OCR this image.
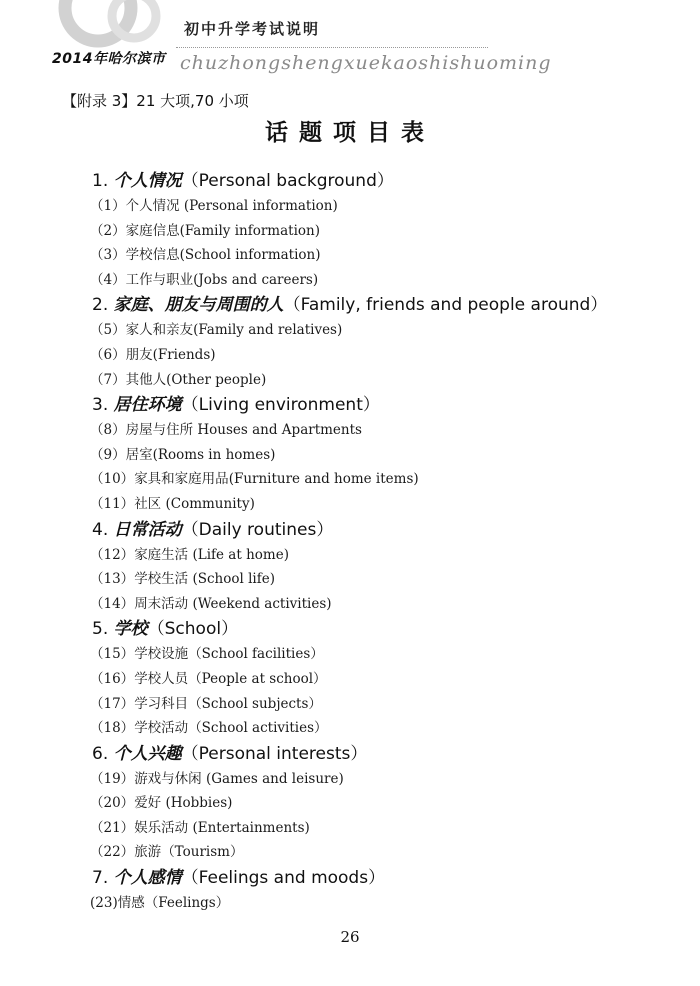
2014年哈尔滨市
初中升学考试说明
chuzhongshengxuekaoshishuoming
【附录 3】21 大项,70 小项
话题项目表
1. 个人情况（Personal background）
（1）个人情况 (Personal information)
（2）家庭信息(Family information)
（3）学校信息(School information)
（4）工作与职业(Jobs and careers)
2. 家庭、朋友与周围的人（Family, friends and people around）
（5）家人和亲友(Family and relatives)
（6）朋友(Friends)
（7）其他人(Other people)
3. 居住环境（Living environment）
（8）房屋与住所 Houses and Apartments
（9）居室(Rooms in homes)
（10）家具和家庭用品(Furniture and home items)
（11）社区 (Community)
4. 日常活动（Daily routines）
（12）家庭生活 (Life at home)
（13）学校生活 (School life)
（14）周末活动 (Weekend activities)
5. 学校（School）
（15）学校设施（School facilities）
（16）学校人员（People at school）
（17）学习科目（School subjects）
（18）学校活动（School activities）
6. 个人兴趣（Personal interests）
（19）游戏与休闲 (Games and leisure)
（20）爱好 (Hobbies)
（21）娱乐活动 (Entertainments)
（22）旅游（Tourism）
7. 个人感情（Feelings and moods）
(23)情感（Feelings）
26
